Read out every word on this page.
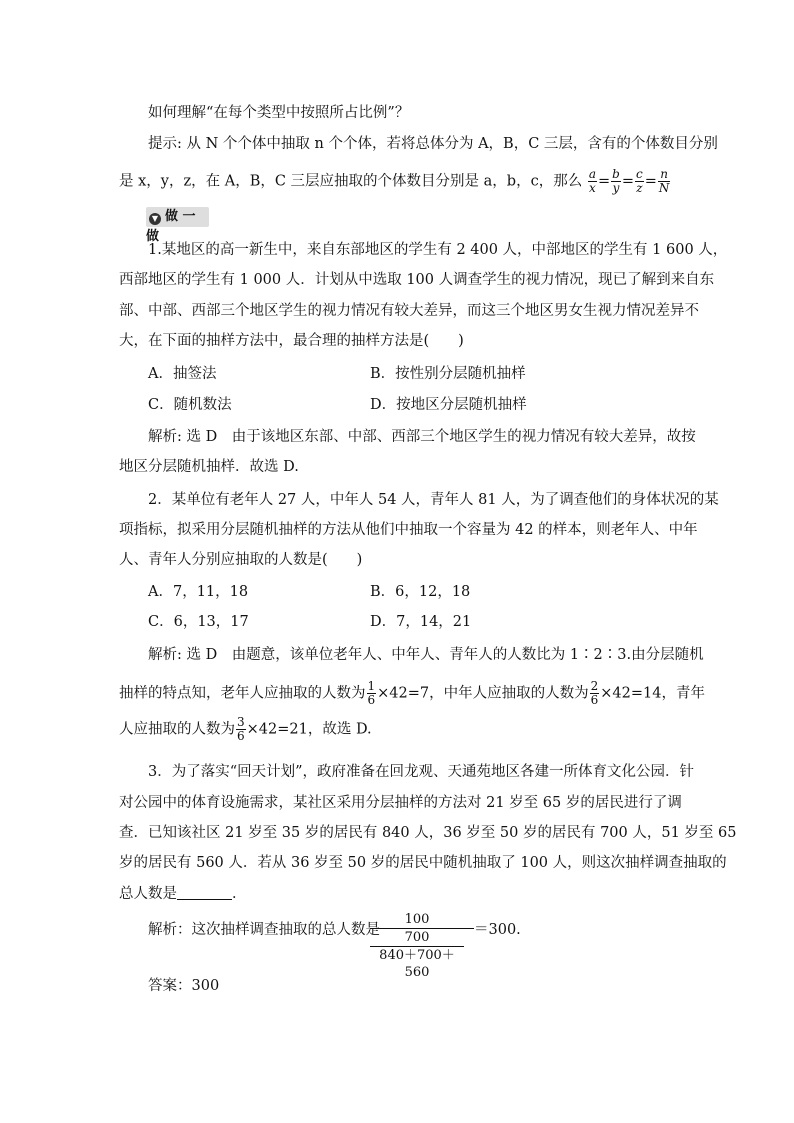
如何理解“在每个类型中按照所占比例”？
提示: 从 N 个个体中抽取 n 个个体，若将总体分为 A，B，C 三层，含有的个体数目分别
是 x，y，z，在 A，B，C 三层应抽取的个体数目分别是 a，b，c，那么 $\frac{a}{x} = \frac{b}{y} = \frac{c}{z} = \frac{n}{N}$
▼ 做 一 做
1.某地区的高一新生中，来自东部地区的学生有 2 400 人，中部地区的学生有 1 600 人，
西部地区的学生有 1 000 人．计划从中选取 100 人调查学生的视力情况，现已了解到来自东
部、中部、西部三个地区学生的视力情况有较大差异，而这三个地区男女生视力情况差异不
大，在下面的抽样方法中，最合理的抽样方法是(　　)
A．抽签法	B．按性别分层随机抽样
C．随机数法	D．按地区分层随机抽样
解析: 选 D　由于该地区东部、中部、西部三个地区学生的视力情况有较大差异，故按
地区分层随机抽样．故选 D.
2．某单位有老年人 27 人，中年人 54 人，青年人 81 人，为了调查他们的身体状况的某
项指标，拟采用分层随机抽样的方法从他们中抽取一个容量为 42 的样本，则老年人、中年
人、青年人分别应抽取的人数是(　　)
A．7，11，18	B．6，12，18
C．6，13，17	D．7，14，21
解析: 选 D　由题意，该单位老年人、中年人、青年人的人数比为 1∶2∶3.由分层随机
抽样的特点知，老年人应抽取的人数为 $\frac{1}{6} \times 42=7$，中年人应抽取的人数为 $\frac{2}{6} \times 42=14$，青年
人应抽取的人数为 $\frac{3}{6} \times 42=21$，故选 D.
3．为了落实“回天计划”，政府准备在回龙观、天通苑地区各建一所体育文化公园．针
对公园中的体育设施需求，某社区采用分层抽样的方法对 21 岁至 65 岁的居民进行了调
查．已知该社区 21 岁至 35 岁的居民有 840 人，36 岁至 50 岁的居民有 700 人，51 岁至 65
岁的居民有 560 人．若从 36 岁至 50 岁的居民中随机抽取了 100 人，则这次抽样调查抽取的
总人数是	．
解析：这次抽样调查抽取的总人数是
100
700
840＋700＋560
＝300.
答案：300
